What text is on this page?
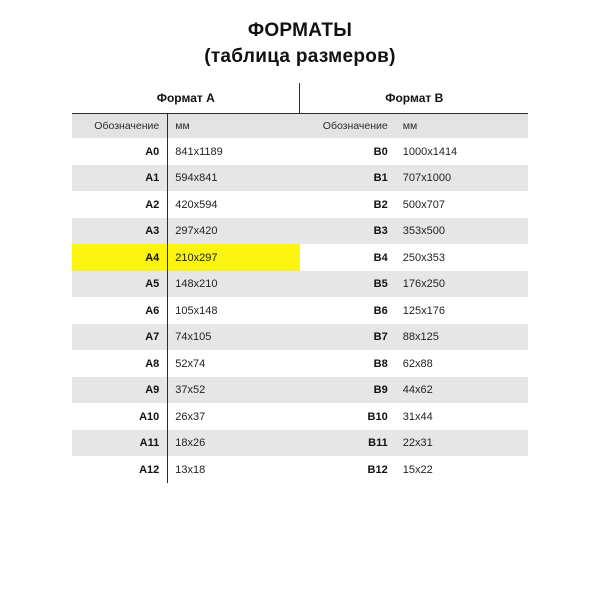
ФОРМАТЫ
(таблица размеров)
Формат А		Формат В	
Обозначение	мм	Обозначение	мм
A0	841x1189	B0	1000x1414
A1	594x841	B1	707x1000
A2	420x594	B2	500x707
A3	297x420	B3	353x500
A4	210x297	B4	250x353
A5	148x210	B5	176x250
A6	105x148	B6	125x176
A7	74x105	B7	88x125
A8	52x74	B8	62x88
A9	37x52	B9	44x62
A10	26x37	B10	31x44
A11	18x26	B11	22x31
A12	13x18	B12	15x22
